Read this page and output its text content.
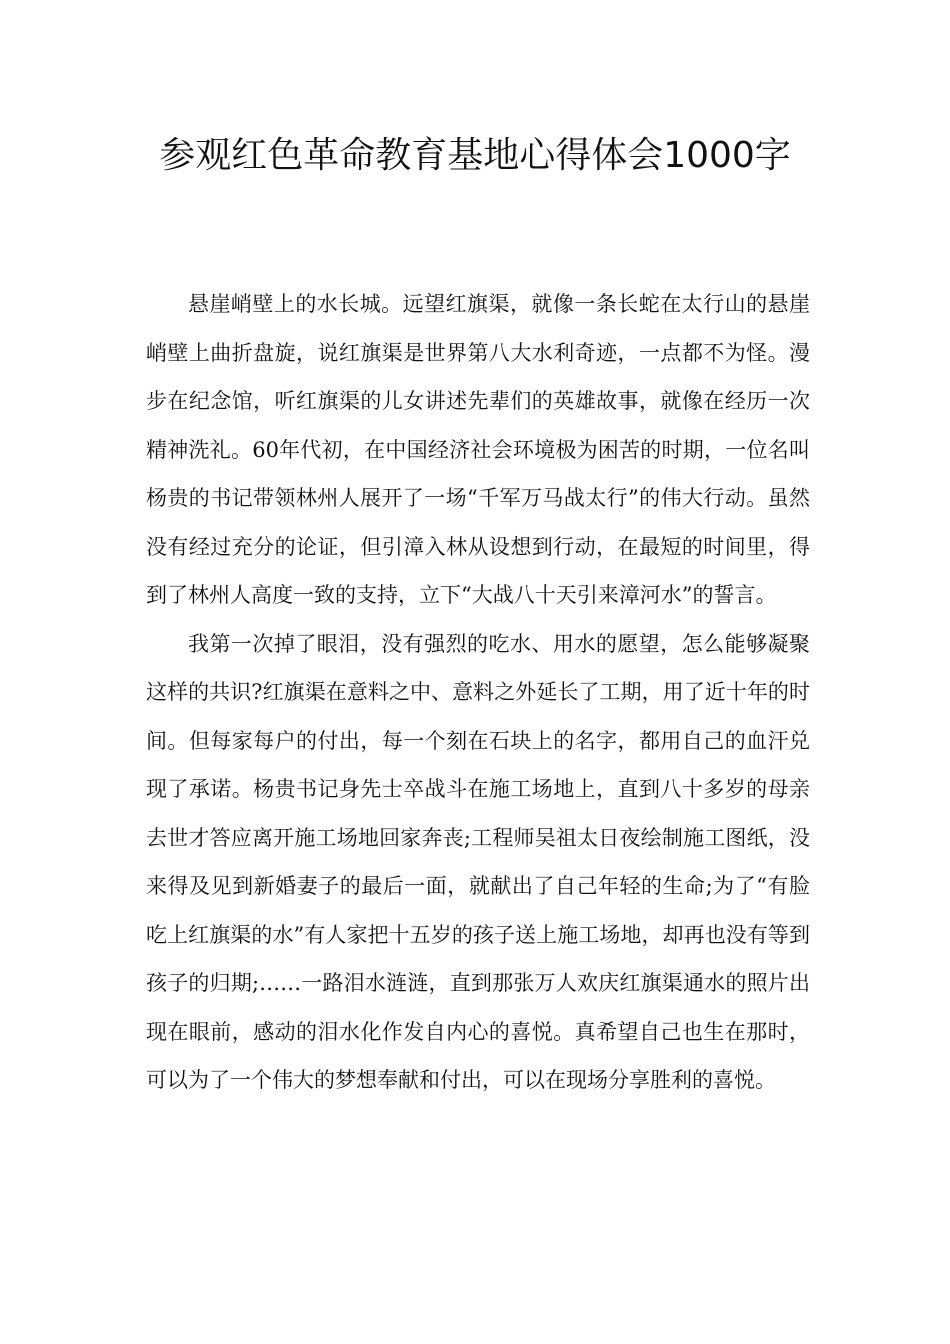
参观红色革命教育基地心得体会1000字

悬崖峭壁上的水长城。远望红旗渠，就像一条长蛇在太行山的悬崖峭壁上曲折盘旋，说红旗渠是世界第八大水利奇迹，一点都不为怪。漫步在纪念馆，听红旗渠的儿女讲述先辈们的英雄故事，就像在经历一次精神洗礼。60年代初，在中国经济社会环境极为困苦的时期，一位名叫杨贵的书记带领林州人展开了一场“千军万马战太行”的伟大行动。虽然没有经过充分的论证，但引漳入林从设想到行动，在最短的时间里，得到了林州人高度一致的支持，立下“大战八十天引来漳河水”的誓言。

我第一次掉了眼泪，没有强烈的吃水、用水的愿望，怎么能够凝聚这样的共识?红旗渠在意料之中、意料之外延长了工期，用了近十年的时间。但每家每户的付出，每一个刻在石块上的名字，都用自己的血汗兑现了承诺。杨贵书记身先士卒战斗在施工场地上，直到八十多岁的母亲去世才答应离开施工场地回家奔丧;工程师吴祖太日夜绘制施工图纸，没来得及见到新婚妻子的最后一面，就献出了自己年轻的生命;为了“有脸吃上红旗渠的水”有人家把十五岁的孩子送上施工场地，却再也没有等到孩子的归期;……一路泪水涟涟，直到那张万人欢庆红旗渠通水的照片出现在眼前，感动的泪水化作发自内心的喜悦。真希望自己也生在那时，可以为了一个伟大的梦想奉献和付出，可以在现场分享胜利的喜悦。
